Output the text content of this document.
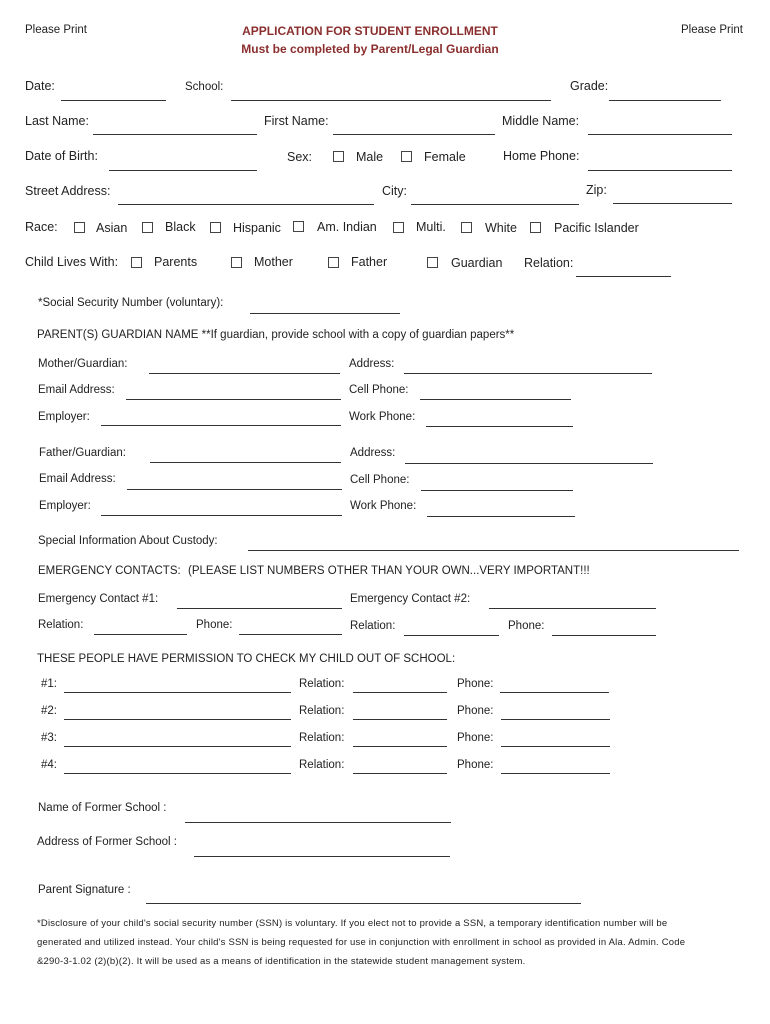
Please Print	Please Print
APPLICATION FOR STUDENT ENROLLMENT
Must be completed by Parent/Legal Guardian
Date:	School:	Grade:
Last Name:	First Name:	Middle Name:
Date of Birth:	Sex:	Male	Female	Home Phone:
Street Address:	City:	Zip:
Race:	Asian	Black	Hispanic	Am. Indian	Multi.	White	Pacific Islander
Child Lives With:	Parents	Mother	Father	Guardian Relation:
*Social Security Number (voluntary):
PARENT(S) GUARDIAN NAME **If guardian, provide school with a copy of guardian papers**
Mother/Guardian:	Address:
Email Address:	Cell Phone:
Employer:	Work Phone:
Father/Guardian:	Address:
Email Address:	Cell Phone:
Employer:	Work Phone:
Special Information About Custody:
EMERGENCY CONTACTS: (PLEASE LIST NUMBERS OTHER THAN YOUR OWN...VERY IMPORTANT!!!
Emergency Contact #1:	Emergency Contact #2:
Relation:	Phone:	Relation:	Phone:
THESE PEOPLE HAVE PERMISSION TO CHECK MY CHILD OUT OF SCHOOL:
#1:	Relation:	Phone:
#2:	Relation:	Phone:
#3:	Relation:	Phone:
#4:	Relation:	Phone:
Name of Former School :
Address of Former School :
Parent Signature :
*Disclosure of your child's social security number (SSN) is voluntary. If you elect not to provide a SSN, a temporary identification number will be
generated and utilized instead. Your child's SSN is being requested for use in conjunction with enrollment in school as provided in Ala. Admin. Code
&290-3-1.02 (2)(b)(2). It will be used as a means of identification in the statewide student management system.
